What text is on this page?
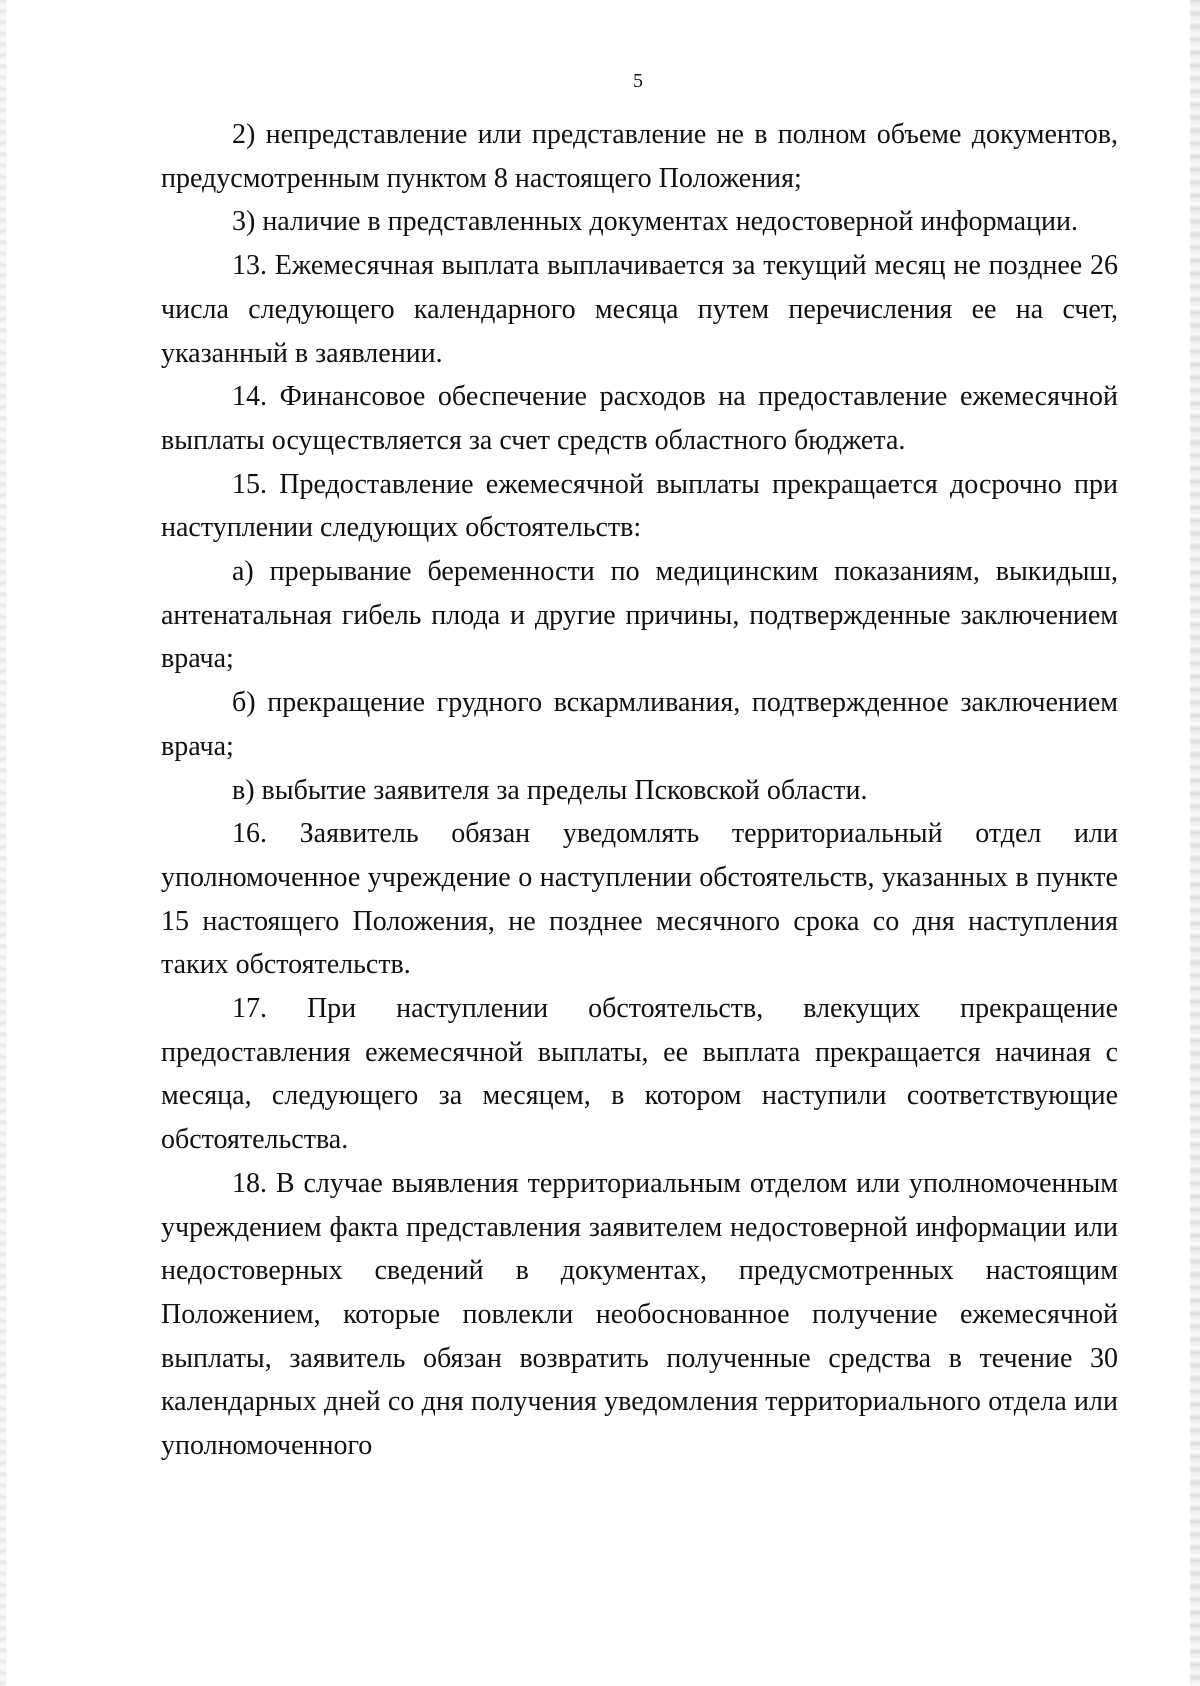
5

2) непредставление или представление не в полном объеме документов, предусмотренным пунктом 8 настоящего Положения;

3) наличие в представленных документах недостоверной информации.

13. Ежемесячная выплата выплачивается за текущий месяц не позднее 26 числа следующего календарного месяца путем перечисления ее на счет, указанный в заявлении.

14. Финансовое обеспечение расходов на предоставление ежемесячной выплаты осуществляется за счет средств областного бюджета.

15. Предоставление ежемесячной выплаты прекращается досрочно при наступлении следующих обстоятельств:

а) прерывание беременности по медицинским показаниям, выкидыш, антенатальная гибель плода и другие причины, подтвержденные заключением врача;

б) прекращение грудного вскармливания, подтвержденное заключением врача;

в) выбытие заявителя за пределы Псковской области.

16. Заявитель обязан уведомлять территориальный отдел или уполномоченное учреждение о наступлении обстоятельств, указанных в пункте 15 настоящего Положения, не позднее месячного срока со дня наступления таких обстоятельств.

17. При наступлении обстоятельств, влекущих прекращение предоставления ежемесячной выплаты, ее выплата прекращается начиная с месяца, следующего за месяцем, в котором наступили соответствующие обстоятельства.

18. В случае выявления территориальным отделом или уполномоченным учреждением факта представления заявителем недостоверной информации или недостоверных сведений в документах, предусмотренных настоящим Положением, которые повлекли необоснованное получение ежемесячной выплаты, заявитель обязан возвратить полученные средства в течение 30 календарных дней со дня получения уведомления территориального отдела или уполномоченного
